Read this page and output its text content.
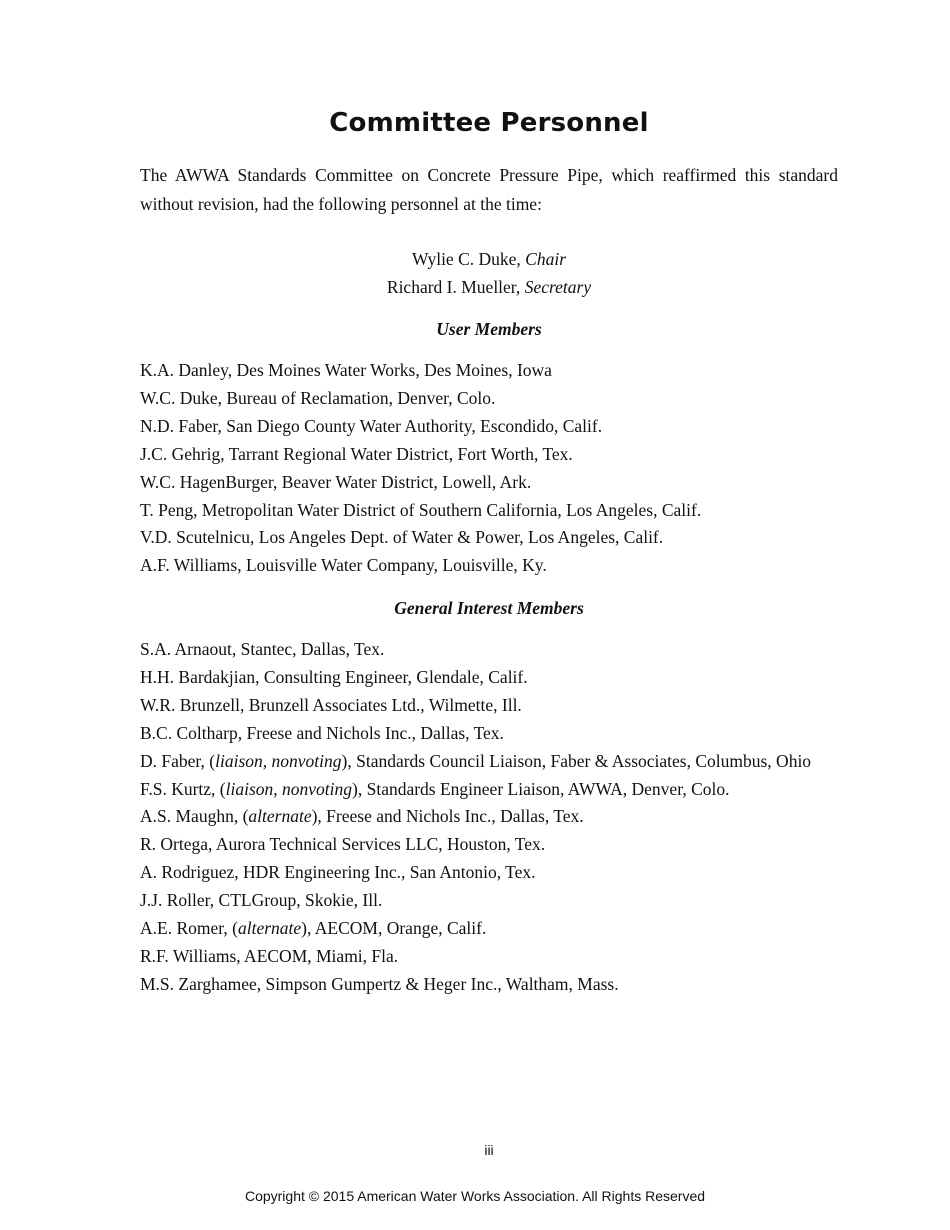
Committee Personnel

The AWWA Standards Committee on Concrete Pressure Pipe, which reaffirmed this standard without revision, had the following personnel at the time:

Wylie C. Duke, Chair

Richard I. Mueller, Secretary

User Members
K.A. Danley, Des Moines Water Works, Des Moines, Iowa
W.C. Duke, Bureau of Reclamation, Denver, Colo.
N.D. Faber, San Diego County Water Authority, Escondido, Calif.
J.C. Gehrig, Tarrant Regional Water District, Fort Worth, Tex.
W.C. HagenBurger, Beaver Water District, Lowell, Ark.
T. Peng, Metropolitan Water District of Southern California, Los Angeles, Calif.
V.D. Scutelnicu, Los Angeles Dept. of Water & Power, Los Angeles, Calif.
A.F. Williams, Louisville Water Company, Louisville, Ky.
General Interest Members
S.A. Arnaout, Stantec, Dallas, Tex.
H.H. Bardakjian, Consulting Engineer, Glendale, Calif.
W.R. Brunzell, Brunzell Associates Ltd., Wilmette, Ill.
B.C. Coltharp, Freese and Nichols Inc., Dallas, Tex.
D. Faber, (liaison, nonvoting), Standards Council Liaison, Faber & Associates, Columbus, Ohio
F.S. Kurtz, (liaison, nonvoting), Standards Engineer Liaison, AWWA, Denver, Colo.
A.S. Maughn, (alternate), Freese and Nichols Inc., Dallas, Tex.
R. Ortega, Aurora Technical Services LLC, Houston, Tex.
A. Rodriguez, HDR Engineering Inc., San Antonio, Tex.
J.J. Roller, CTLGroup, Skokie, Ill.
A.E. Romer, (alternate), AECOM, Orange, Calif.
R.F. Williams, AECOM, Miami, Fla.
M.S. Zarghamee, Simpson Gumpertz & Heger Inc., Waltham, Mass.
iii
Copyright © 2015 American Water Works Association. All Rights Reserved
